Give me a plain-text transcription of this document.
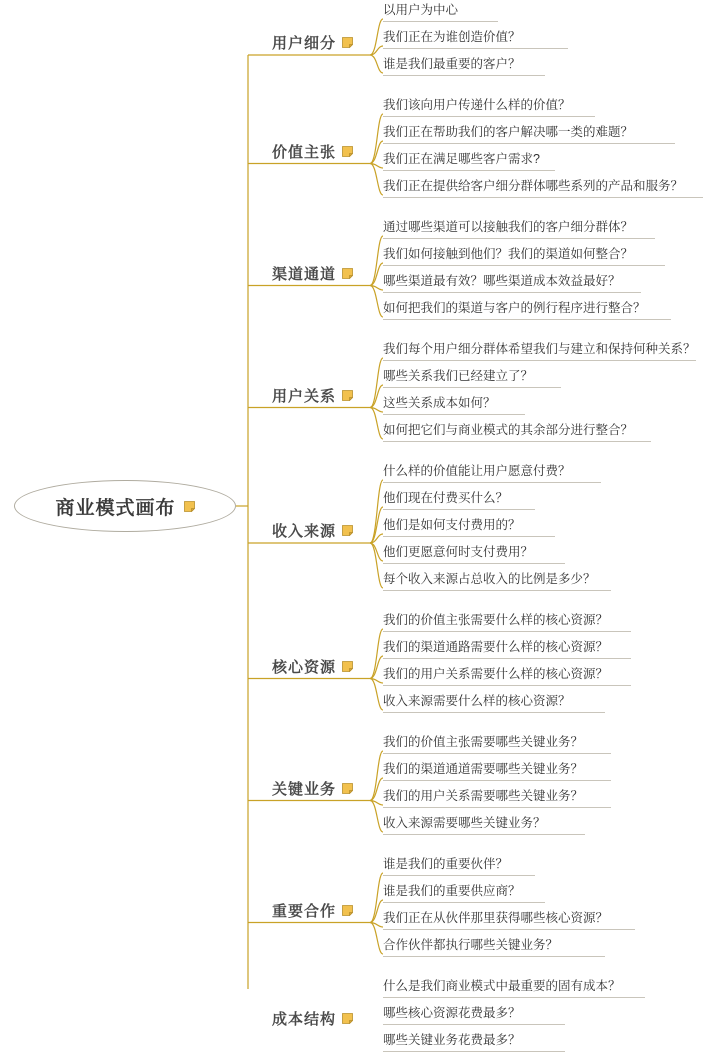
以用户为中心
我们正在为谁创造价值？
谁是我们最重要的客户？
用户细分
我们该向用户传递什么样的价值？
我们正在帮助我们的客户解决哪一类的难题？
我们正在满足哪些客户需求?
我们正在提供给客户细分群体哪些系列的产品和服务？
价值主张
通过哪些渠道可以接触我们的客户细分群体？
我们如何接触到他们？我们的渠道如何整合？
哪些渠道最有效？哪些渠道成本效益最好？
如何把我们的渠道与客户的例行程序进行整合？
渠道通道
我们每个用户细分群体希望我们与建立和保持何种关系？
哪些关系我们已经建立了？
这些关系成本如何？
如何把它们与商业模式的其余部分进行整合？
用户关系
什么样的价值能让用户愿意付费？
他们现在付费买什么？
他们是如何支付费用的？
他们更愿意何时支付费用？
每个收入来源占总收入的比例是多少？
收入来源
我们的价值主张需要什么样的核心资源？
我们的渠道通路需要什么样的核心资源？
我们的用户关系需要什么样的核心资源？
收入来源需要什么样的核心资源？
核心资源
我们的价值主张需要哪些关键业务？
我们的渠道通道需要哪些关键业务？
我们的用户关系需要哪些关键业务？
收入来源需要哪些关键业务？
关键业务
谁是我们的重要伙伴？
谁是我们的重要供应商？
我们正在从伙伴那里获得哪些核心资源？
合作伙伴都执行哪些关键业务？
重要合作
什么是我们商业模式中最重要的固有成本？
哪些核心资源花费最多？
哪些关键业务花费最多？
成本结构
商业模式画布
